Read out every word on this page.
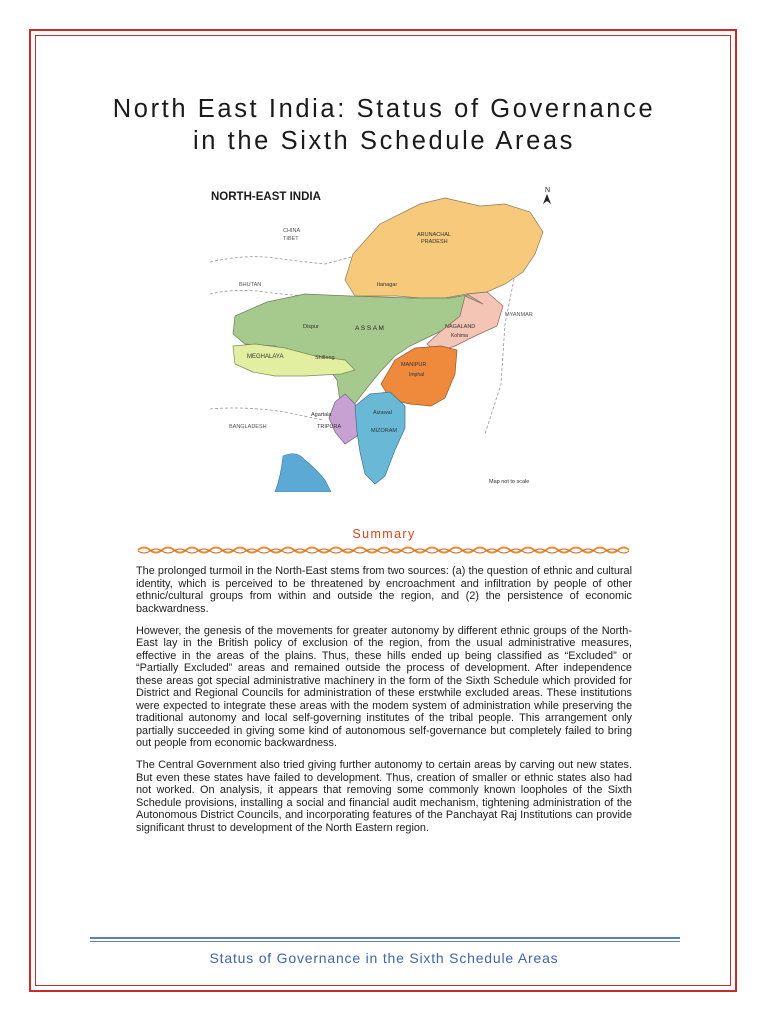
North East India: Status of Governance
in the Sixth Schedule Areas
N
NORTH-EAST INDIA
CHINA
TIBET
BHUTAN
MYANMAR
BANGLADESH
ARUNACHAL
PRADESH
Itanagar
A S S A M
Dispur
MEGHALAYA	Shillong
NAGALAND
Kohima
MANIPUR
Imphal
Agartala
TRIPURA
Aizawal
MIZORAM
Map not to scale
Summary

The prolonged turmoil in the North-East stems from two sources: (a) the question of ethnic and cultural identity, which is perceived to be threatened by encroachment and infiltration by people of other ethnic/cultural groups from within and outside the region, and (2) the persistence of economic backwardness.

However, the genesis of the movements for greater autonomy by different ethnic groups of the North-East lay in the British policy of exclusion of the region, from the usual administrative measures, effective in the areas of the plains. Thus, these hills ended up being classified as “Excluded” or “Partially Excluded” areas and remained outside the process of development. After independence these areas got special administrative machinery in the form of the Sixth Schedule which provided for District and Regional Councils for administration of these erstwhile excluded areas. These institutions were expected to integrate these areas with the modem system of administration while preserving the traditional autonomy and local self-governing institutes of the tribal people. This arrangement only partially succeeded in giving some kind of autonomous self-governance but completely failed to bring out people from economic backwardness.

The Central Government also tried giving further autonomy to certain areas by carving out new states. But even these states have failed to development. Thus, creation of smaller or ethnic states also had not worked. On analysis, it appears that removing some commonly known loopholes of the Sixth Schedule provisions, installing a social and financial audit mechanism, tightening administration of the Autonomous District Councils, and incorporating features of the Panchayat Raj Institutions can provide significant thrust to development of the North Eastern region.

Status of Governance in the Sixth Schedule Areas
